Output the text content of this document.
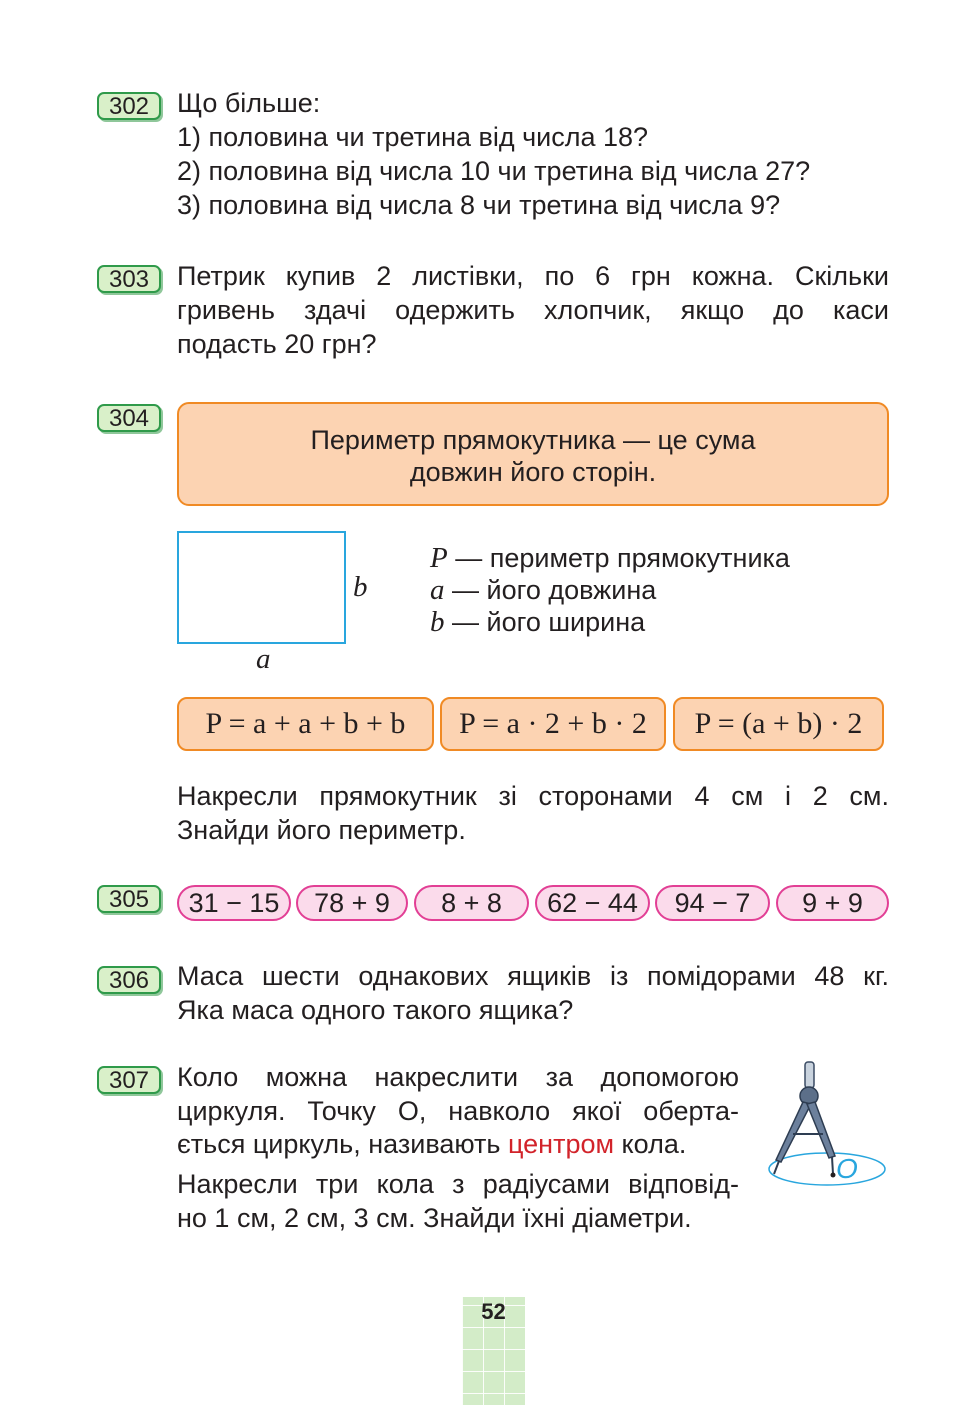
302	Що більше:
1) половина чи третина від числа 18?
2) половина від числа 10 чи третина від числа 27?
3) половина від числа 8 чи третина від числа 9?
303	Петрик купив 2 листівки, по 6 грн кожна. Скільки
гривень здачі одержить хлопчик, якщо до каси
подасть 20 грн?
304
Периметр прямокутника — це сума
довжин його сторін.
b
a
P — периметр прямокутника
a — його довжина
b — його ширина
P = a + a + b + b	P = a · 2 + b · 2	P = (a + b) · 2
Накресли прямокутник зі сторонами 4 см і 2 см.
Знайди його периметр.
305	31 − 15	78 + 9	8 + 8	62 − 44	94 − 7	9 + 9
306	Маса шести однакових ящиків із помідорами 48 кг.
Яка маса одного такого ящика?
307	Коло можна накреслити за допомогою
циркуля. Точку О, навколо якої оберта-
ється циркуль, називають центром кола.
Накресли три кола з радіусами відповід-
но 1 см, 2 см, 3 см. Знайди їхні діаметри.
O
52
